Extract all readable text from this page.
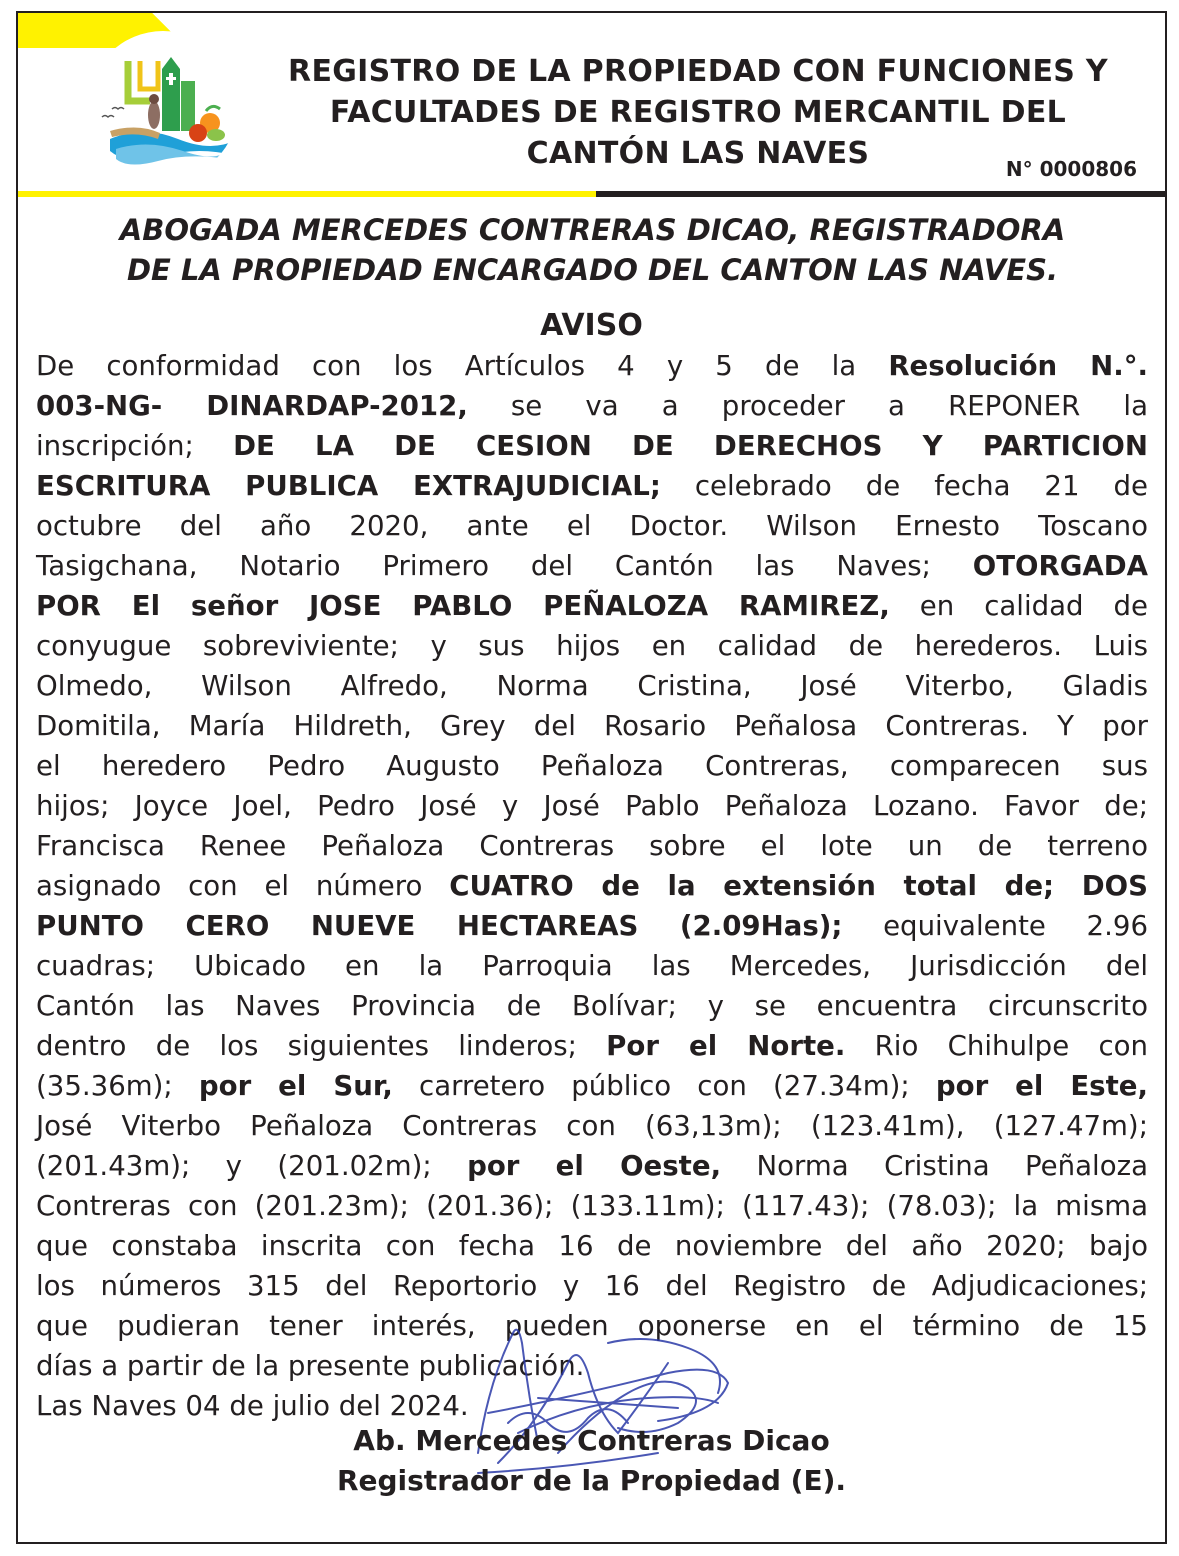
REGISTRO DE LA PROPIEDAD CON FUNCIONES Y
FACULTADES DE REGISTRO MERCANTIL DEL
CANTÓN LAS NAVES	N° 0000806
ABOGADA MERCEDES CONTRERAS DICAO, REGISTRADORA
DE LA PROPIEDAD ENCARGADO DEL CANTON LAS NAVES.
AVISO
De conformidad con los Artículos 4 y 5 de la Resolución N.°.
003-NG- DINARDAP-2012, se va a proceder a REPONER la
inscripción; DE LA DE CESION DE DERECHOS Y PARTICION
ESCRITURA PUBLICA EXTRAJUDICIAL; celebrado de fecha 21 de
octubre del año 2020, ante el Doctor. Wilson Ernesto Toscano
Tasigchana, Notario Primero del Cantón las Naves; OTORGADA
POR El señor JOSE PABLO PEÑALOZA RAMIREZ, en calidad de
conyugue sobreviviente; y sus hijos en calidad de herederos. Luis
Olmedo, Wilson Alfredo, Norma Cristina, José Viterbo, Gladis
Domitila, María Hildreth, Grey del Rosario Peñalosa Contreras. Y por
el heredero Pedro Augusto Peñaloza Contreras, comparecen sus
hijos; Joyce Joel, Pedro José y José Pablo Peñaloza Lozano. Favor de;
Francisca Renee Peñaloza Contreras sobre el lote un de terreno
asignado con el número CUATRO de la extensión total de; DOS
PUNTO CERO NUEVE HECTAREAS (2.09Has); equivalente 2.96
cuadras; Ubicado en la Parroquia las Mercedes, Jurisdicción del
Cantón las Naves Provincia de Bolívar; y se encuentra circunscrito
dentro de los siguientes linderos; Por el Norte. Rio Chihulpe con
(35.36m); por el Sur, carretero público con (27.34m); por el Este,
José Viterbo Peñaloza Contreras con (63,13m); (123.41m), (127.47m);
(201.43m); y (201.02m); por el Oeste, Norma Cristina Peñaloza
Contreras con (201.23m); (201.36); (133.11m); (117.43); (78.03); la misma
que constaba inscrita con fecha 16 de noviembre del año 2020; bajo
los números 315 del Reportorio y 16 del Registro de Adjudicaciones;
que pudieran tener interés, pueden oponerse en el término de 15
días a partir de la presente publicación.
Las Naves 04 de julio del 2024.
Ab. Mercedes Contreras Dicao
Registrador de la Propiedad (E).
